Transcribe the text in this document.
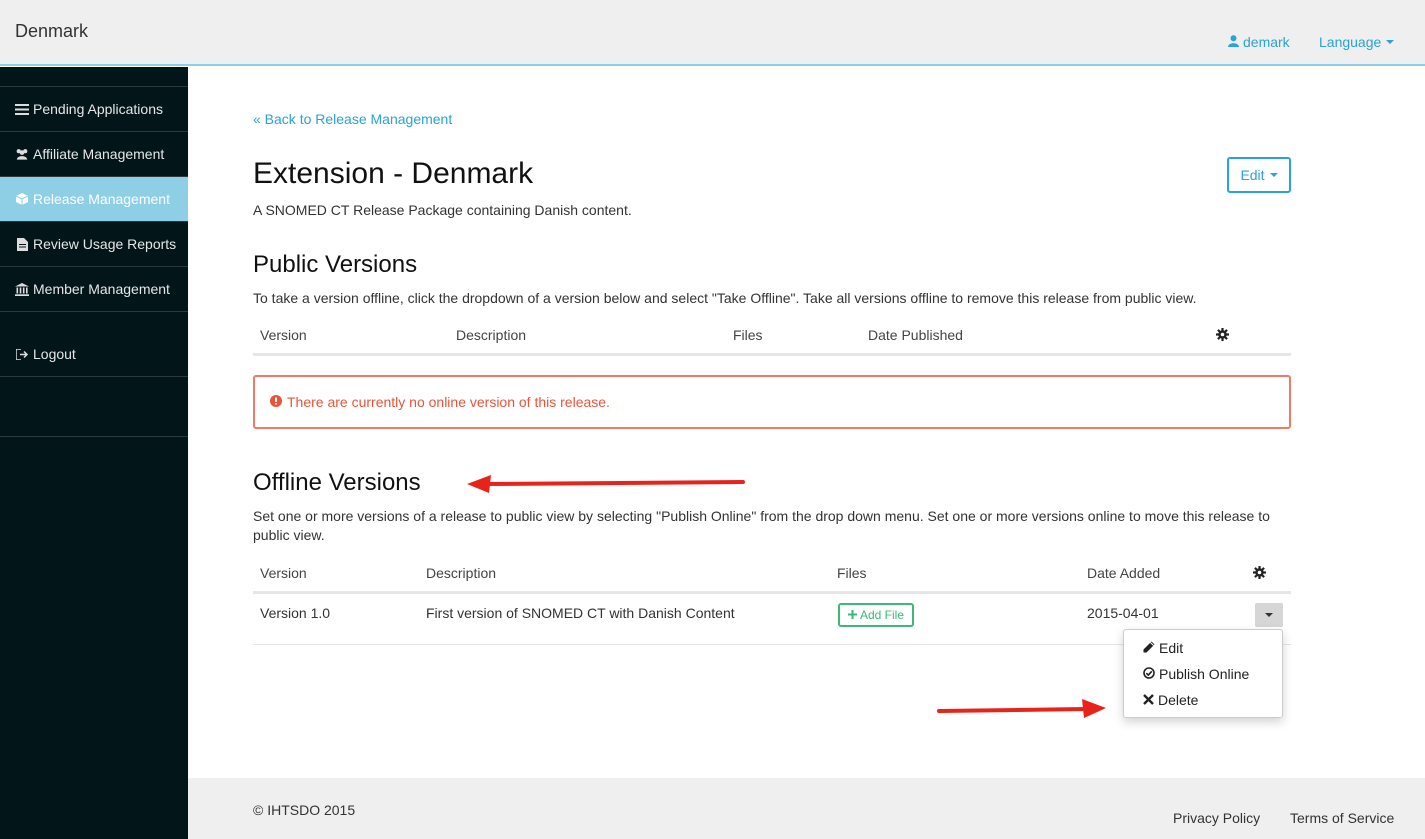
Denmark
demark Language
Pending Applications
Affiliate Management
Release Management
Review Usage Reports
Member Management
Logout
« Back to Release Management
Extension - Denmark
A SNOMED CT Release Package containing Danish content.
Edit
Public Versions
To take a version offline, click the dropdown of a version below and select "Take Offline". Take all versions offline to remove this release from public view.
Version	Description	Files	Date Published
There are currently no online version of this release.
Offline Versions
Set one or more versions of a release to public view by selecting "Publish Online" from the drop down menu. Set one or more versions online to move this release to public view.
Version	Description	Files	Date Added
Version 1.0	First version of SNOMED CT with Danish Content	Add File	2015-04-01
Edit
Publish Online
Delete
© IHTSDO 2015	Privacy Policy Terms of Service
